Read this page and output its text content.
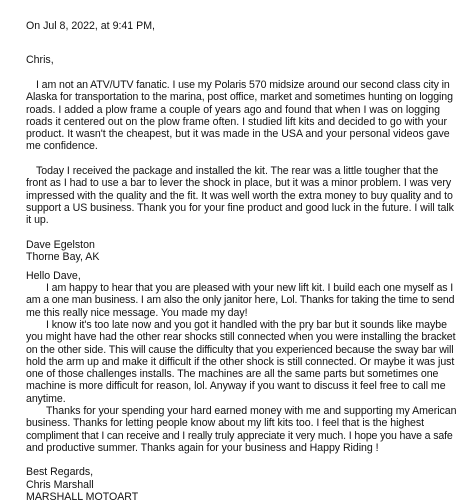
On Jul 8, 2022, at 9:41 PM,

Chris,

I am not an ATV/UTV fanatic. I use my Polaris 570 midsize around our second class city in
Alaska for transportation to the marina, post office, market and sometimes hunting on logging
roads. I added a plow frame a couple of years ago and found that when I was on logging
roads it centered out on the plow frame often. I studied lift kits and decided to go with your
product. It wasn't the cheapest, but it was made in the USA and your personal videos gave
me confidence.

Today I received the package and installed the kit. The rear was a little tougher that the
front as I had to use a bar to lever the shock in place, but it was a minor problem. I was very
impressed with the quality and the fit. It was well worth the extra money to buy quality and to
support a US business. Thank you for your fine product and good luck in the future. I will talk
it up.

Dave Egelston
Thorne Bay, AK

Hello Dave,

I am happy to hear that you are pleased with your new lift kit. I build each one myself as I
am a one man business. I am also the only janitor here, Lol. Thanks for taking the time to send
me this really nice message. You made my day!

I know it's too late now and you got it handled with the pry bar but it sounds like maybe
you might have had the other rear shocks still connected when you were installing the bracket
on the other side. This will cause the difficulty that you experienced because the sway bar will
hold the arm up and make it difficult if the other shock is still connected. Or maybe it was just
one of those challenges installs. The machines are all the same parts but sometimes one
machine is more difficult for reason, lol. Anyway if you want to discuss it feel free to call me
anytime.

Thanks for your spending your hard earned money with me and supporting my American
business. Thanks for letting people know about my lift kits too. I feel that is the highest
compliment that I can receive and I really truly appreciate it very much. I hope you have a safe
and productive summer. Thanks again for your business and Happy Riding !

Best Regards,
Chris Marshall
MARSHALL MOTOART
